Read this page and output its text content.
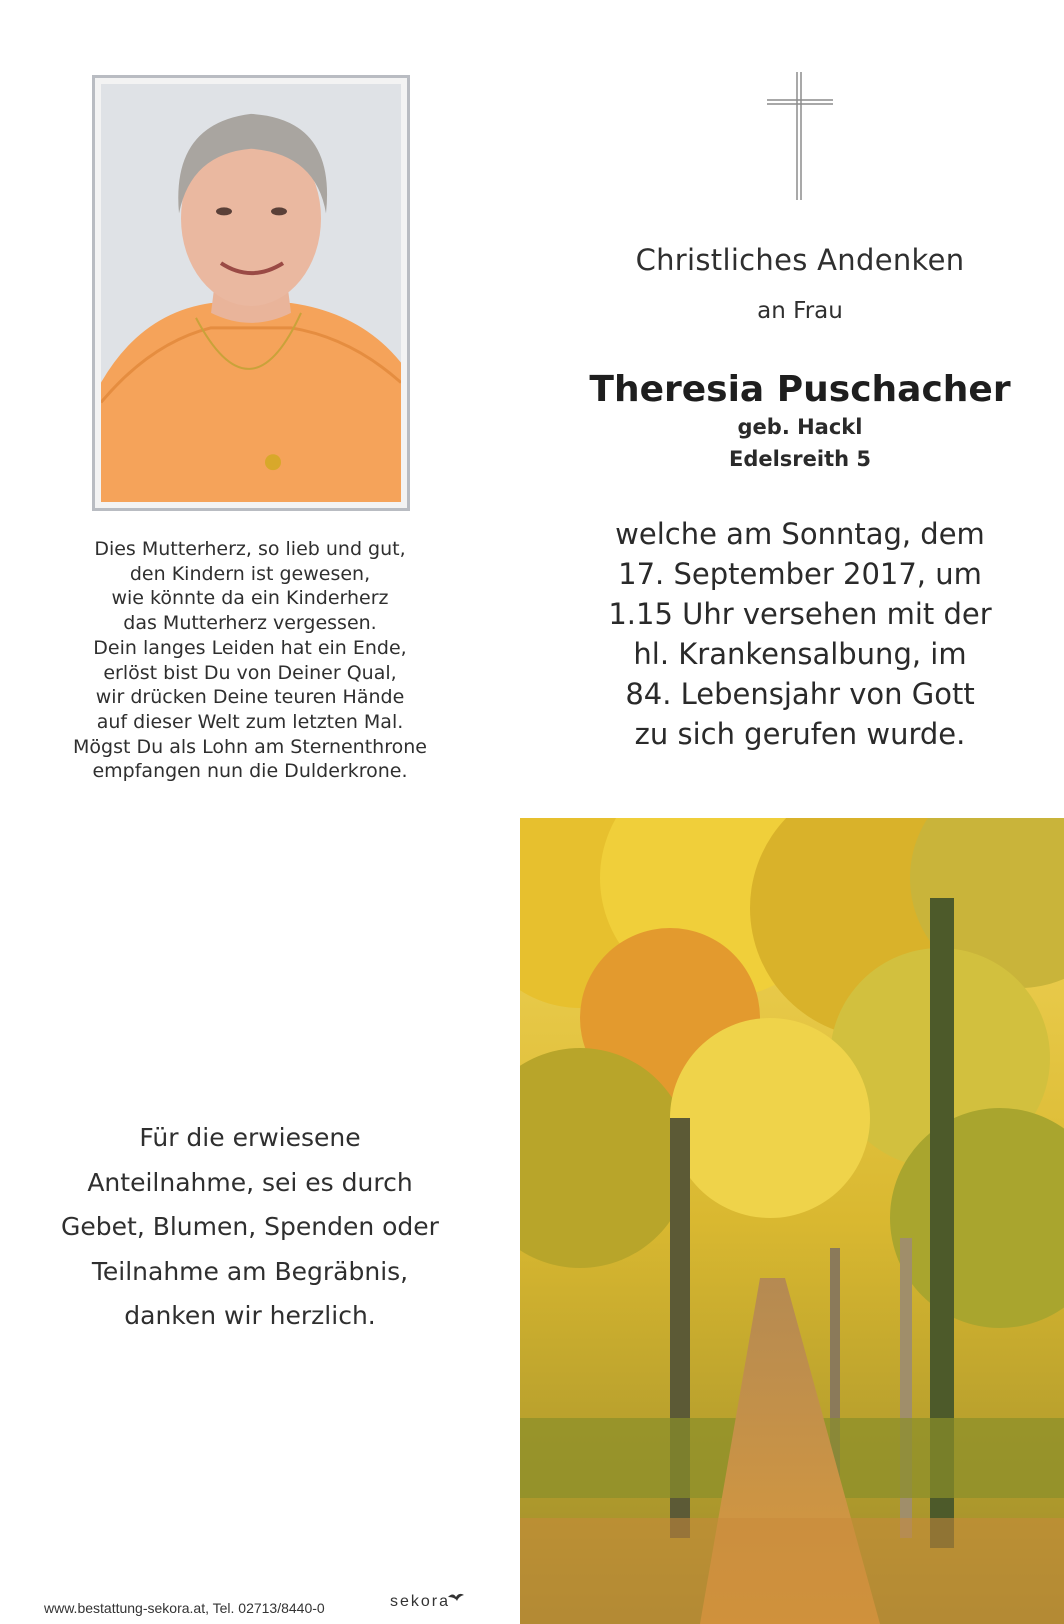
Dies Mutterherz, so lieb und gut,
den Kindern ist gewesen,
wie könnte da ein Kinderherz
das Mutterherz vergessen.
Dein langes Leiden hat ein Ende,
erlöst bist Du von Deiner Qual,
wir drücken Deine teuren Hände
auf dieser Welt zum letzten Mal.
Mögst Du als Lohn am Sternenthrone
empfangen nun die Dulderkrone.
Christliches Andenken
an Frau
Theresia Puschacher
geb. Hackl
Edelsreith 5
welche am Sonntag, dem
17. September 2017, um
1.15 Uhr versehen mit der
hl. Krankensalbung, im
84. Lebensjahr von Gott
zu sich gerufen wurde.
Für die erwiesene
Anteilnahme, sei es durch
Gebet, Blumen, Spenden oder
Teilnahme am Begräbnis,
danken wir herzlich.
www.bestattung-sekora.at, Tel. 02713/8440-0	sekora
